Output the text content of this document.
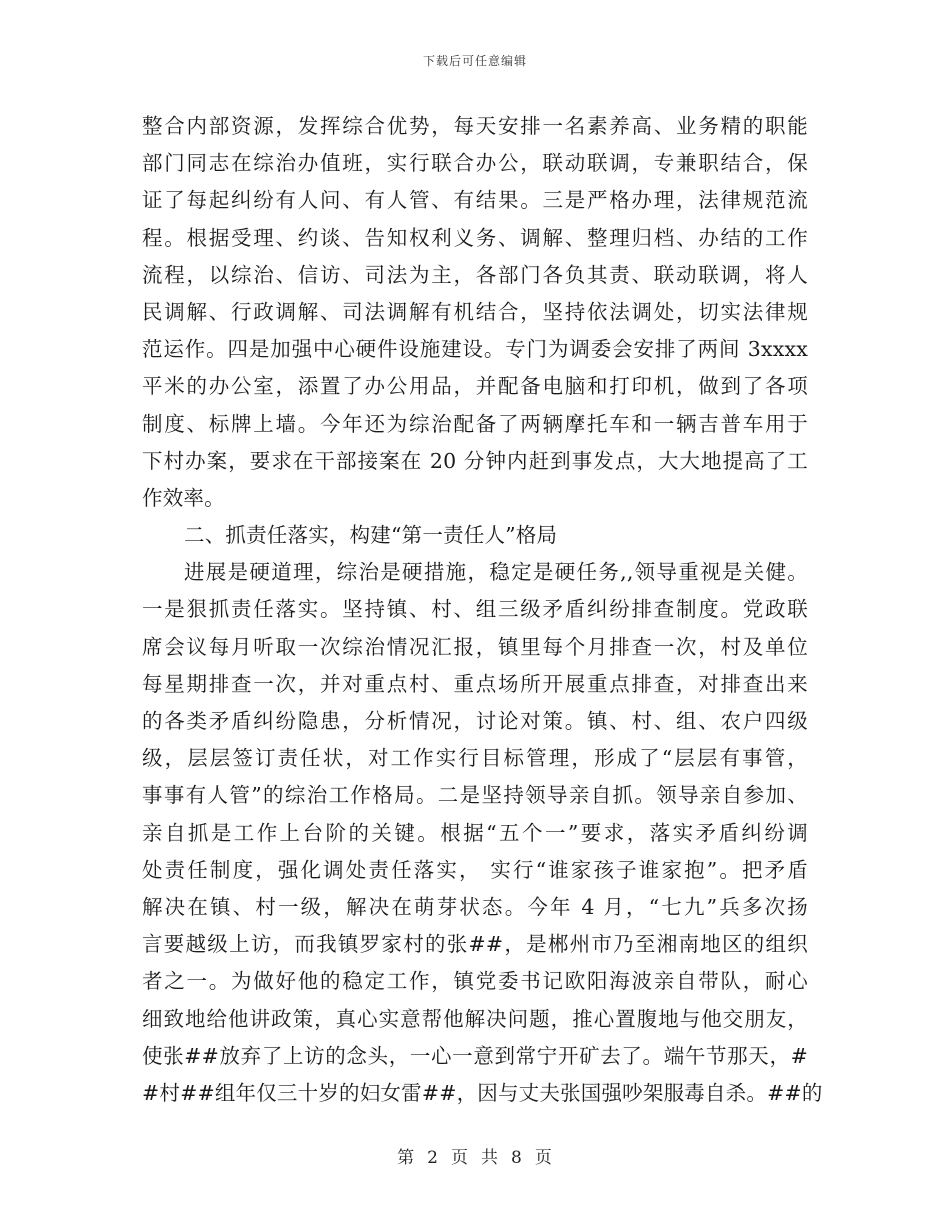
下载后可任意编辑
整合内部资源，发挥综合优势，每天安排一名素养高、业务精的职能
部门同志在综治办值班，实行联合办公，联动联调，专兼职结合，保
证了每起纠纷有人问、有人管、有结果。三是严格办理，法律规范流
程。根据受理、约谈、告知权利义务、调解、整理归档、办结的工作
流程，以综治、信访、司法为主，各部门各负其责、联动联调，将人
民调解、行政调解、司法调解有机结合，坚持依法调处，切实法律规
范运作。四是加强中心硬件设施建设。专门为调委会安排了两间 3xxxx
平米的办公室，添置了办公用品，并配备电脑和打印机，做到了各项
制度、标牌上墙。今年还为综治配备了两辆摩托车和一辆吉普车用于
下村办案，要求在干部接案在 20 分钟内赶到事发点，大大地提高了工
作效率。
二、抓责任落实，构建“第一责任人”格局
进展是硬道理，综治是硬措施，稳定是硬任务,,领导重视是关健。
一是狠抓责任落实。坚持镇、村、组三级矛盾纠纷排查制度。党政联
席会议每月听取一次综治情况汇报，镇里每个月排查一次，村及单位
每星期排查一次，并对重点村、重点场所开展重点排查，对排查出来
的各类矛盾纠纷隐患，分析情况，讨论对策。镇、村、组、农户四级
级，层层签订责任状，对工作实行目标管理，形成了“层层有事管，
事事有人管”的综治工作格局。二是坚持领导亲自抓。领导亲自参加、
亲自抓是工作上台阶的关键。根据“五个一”要求，落实矛盾纠纷调
处责任制度，强化调处责任落实， 实行“谁家孩子谁家抱”。把矛盾
解决在镇、村一级，解决在萌芽状态。今年 4 月，“七九”兵多次扬
言要越级上访，而我镇罗家村的张##，是郴州市乃至湘南地区的组织
者之一。为做好他的稳定工作，镇党委书记欧阳海波亲自带队，耐心
细致地给他讲政策，真心实意帮他解决问题，推心置腹地与他交朋友，
使张##放弃了上访的念头，一心一意到常宁开矿去了。端午节那天，#
#村##组年仅三十岁的妇女雷##，因与丈夫张国强吵架服毒自杀。##的
第 2 页 共 8 页
